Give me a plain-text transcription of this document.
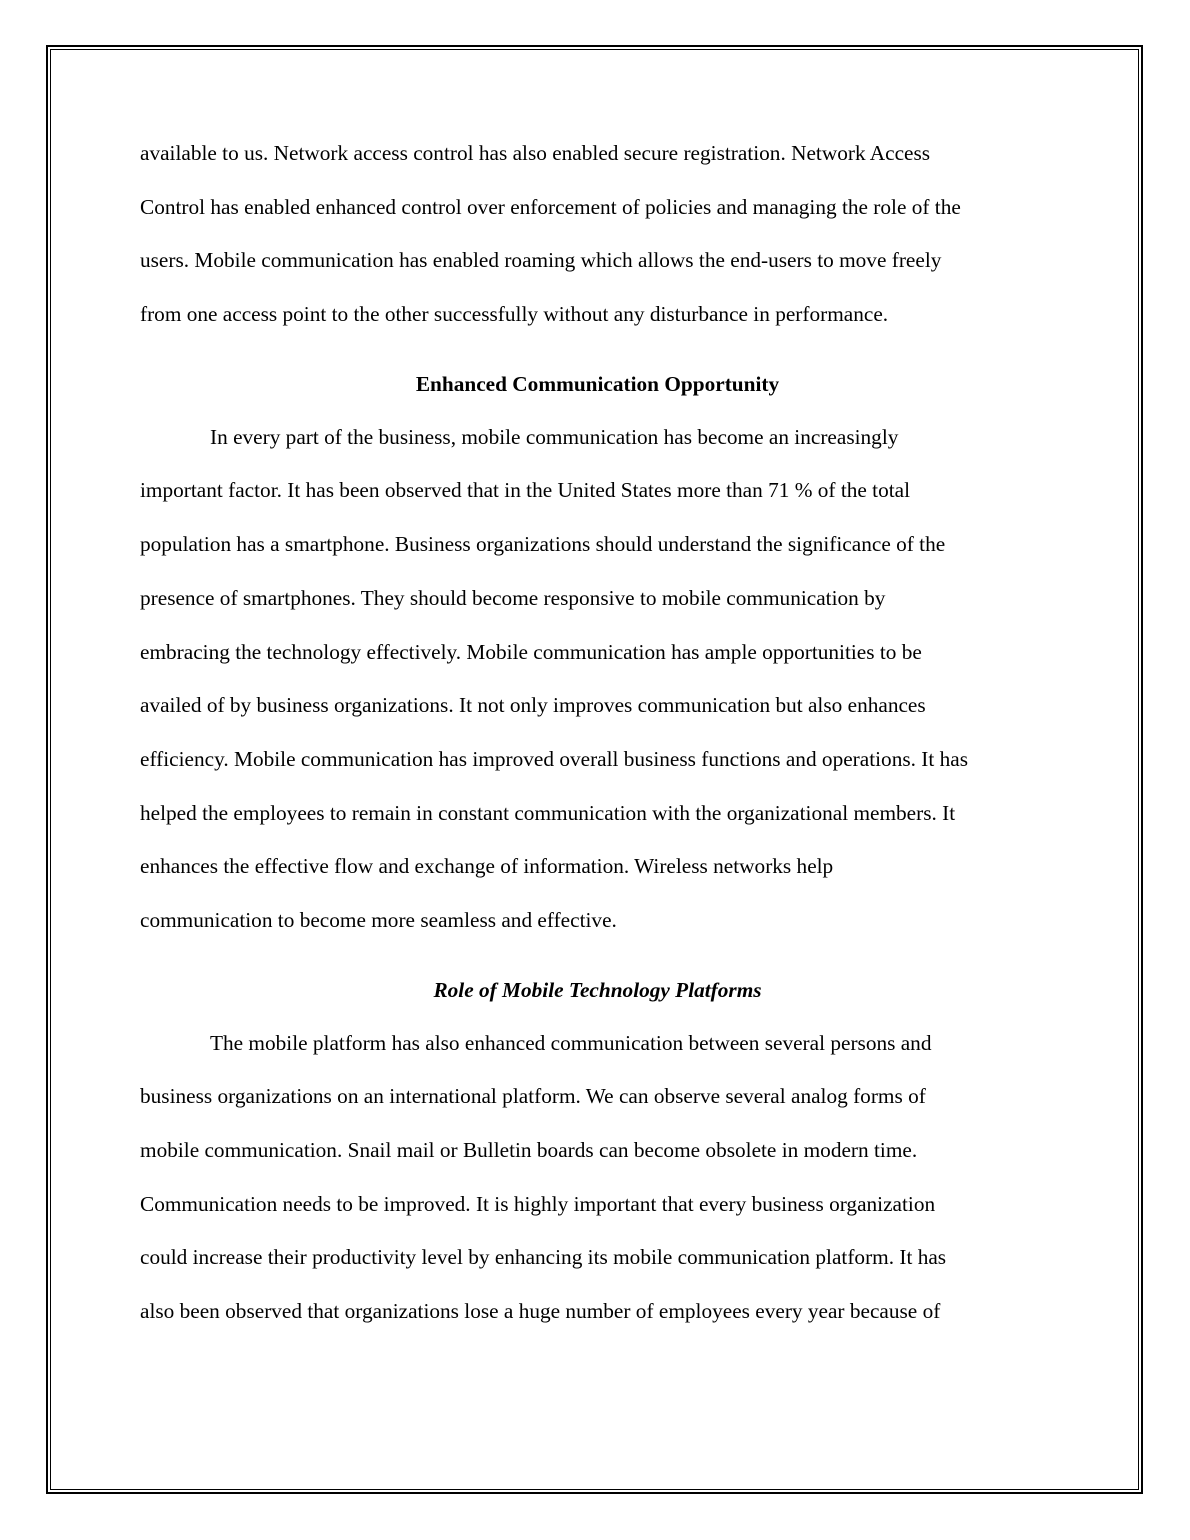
available to us. Network access control has also enabled secure registration. Network Access
Control has enabled enhanced control over enforcement of policies and managing the role of the
users. Mobile communication has enabled roaming which allows the end-users to move freely
from one access point to the other successfully without any disturbance in performance.
Enhanced Communication Opportunity
In every part of the business, mobile communication has become an increasingly
important factor. It has been observed that in the United States more than 71 % of the total
population has a smartphone. Business organizations should understand the significance of the
presence of smartphones. They should become responsive to mobile communication by
embracing the technology effectively. Mobile communication has ample opportunities to be
availed of by business organizations. It not only improves communication but also enhances
efficiency. Mobile communication has improved overall business functions and operations. It has
helped the employees to remain in constant communication with the organizational members. It
enhances the effective flow and exchange of information. Wireless networks help
communication to become more seamless and effective.
Role of Mobile Technology Platforms
The mobile platform has also enhanced communication between several persons and
business organizations on an international platform. We can observe several analog forms of
mobile communication. Snail mail or Bulletin boards can become obsolete in modern time.
Communication needs to be improved. It is highly important that every business organization
could increase their productivity level by enhancing its mobile communication platform. It has
also been observed that organizations lose a huge number of employees every year because of
